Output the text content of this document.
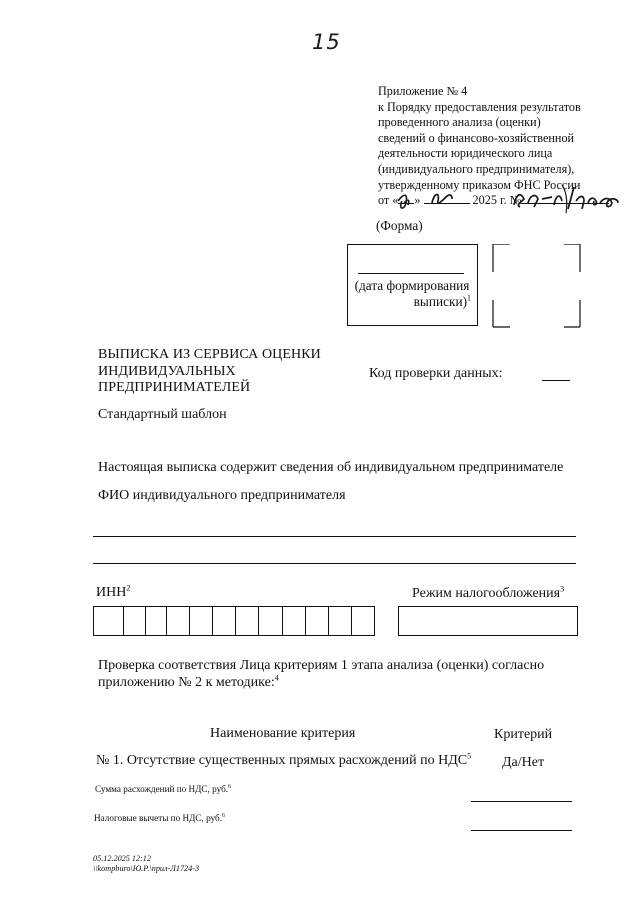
15
Приложение № 4
к Порядку предоставления результатов
проведенного анализа (оценки)
сведений о финансово-хозяйственной
деятельности юридического лица
(индивидуального предпринимателя),
утвержденному приказом ФНС России
от « »	2025 г. №
(Форма)
(дата формирования
выписки)$^1$
ВЫПИСКА ИЗ СЕРВИСА ОЦЕНКИ
ИНДИВИДУАЛЬНЫХ
ПРЕДПРИНИМАТЕЛЕЙ
Код проверки данных:
Стандартный шаблон
Настоящая выписка содержит сведения об индивидуальном предпринимателе
ФИО индивидуального предпринимателя
ИНН$^2$	Режим налогообложения$^3$
Проверка соответствия Лица критериям 1 этапа анализа (оценки) согласно
приложению № 2 к методике:$^4$
Наименование критерия	Критерий
№ 1. Отсутствие существенных прямых расхождений по НДС$^5$ Да/Нет
Сумма расхождений по НДС, руб.$^6$
Налоговые вычеты по НДС, руб.$^6$
05.12.2025 12:12
\\kompburo\Ю.Р.\прил-Л1724-3
